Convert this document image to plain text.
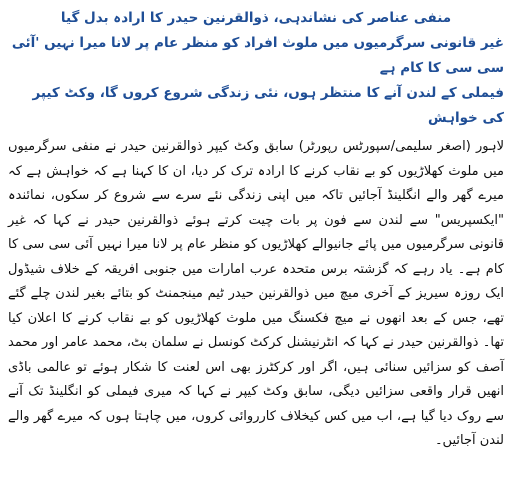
منفی عناصر کی نشاندہی، ذوالقرنین حیدر کا ارادہ بدل گیا

غیر قانونی سرگرمیوں میں ملوث افراد کو منظر عام پر لانا میرا نہیں 'آئی سی سی کا کام ہے

فیملی کے لندن آنے کا منتظر ہوں، نئی زندگی شروع کروں گا، وکٹ کیپر کی خواہش

لاہور (اصغر سلیمی/سپورٹس رپورٹر) سابق وکٹ کیپر ذوالقرنین حیدر نے منفی سرگرمیوں میں ملوث کھلاڑیوں کو بے نقاب کرنے کا ارادہ ترک کر دیا، ان کا کہنا ہے کہ خواہش ہے کہ میرے گھر والے انگلینڈ آجائیں تاکہ میں اپنی زندگی نئے سرے سے شروع کر سکوں، نمائندہ "ایکسپریس" سے لندن سے فون پر بات چیت کرتے ہوئے ذوالقرنین حیدر نے کہا کہ غیر قانونی سرگرمیوں میں پائے جانیوالے کھلاڑیوں کو منظر عام پر لانا میرا نہیں آئی سی سی کا کام ہے۔ یاد رہے کہ گزشتہ برس متحدہ عرب امارات میں جنوبی افریقہ کے خلاف شیڈول ایک روزہ سیریز کے آخری میچ میں ذوالقرنین حیدر ٹیم مینجمنٹ کو بتائے بغیر لندن چلے گئے تھے، جس کے بعد انھوں نے میچ فکسنگ میں ملوث کھلاڑیوں کو بے نقاب کرنے کا اعلان کیا تھا۔ ذوالقرنین حیدر نے کہا کہ انٹرنیشنل کرکٹ کونسل نے سلمان بٹ، محمد عامر اور محمد آصف کو سزائیں سنائی ہیں، اگر اور کرکٹرز بھی اس لعنت کا شکار ہوئے تو عالمی باڈی انھیں قرار واقعی سزائیں دیگی، سابق وکٹ کیپر نے کہا کہ میری فیملی کو انگلینڈ تک آنے سے روک دیا گیا ہے، اب میں کس کیخلاف کارروائی کروں، میں چاہتا ہوں کہ میرے گھر والے لندن آجائیں۔
